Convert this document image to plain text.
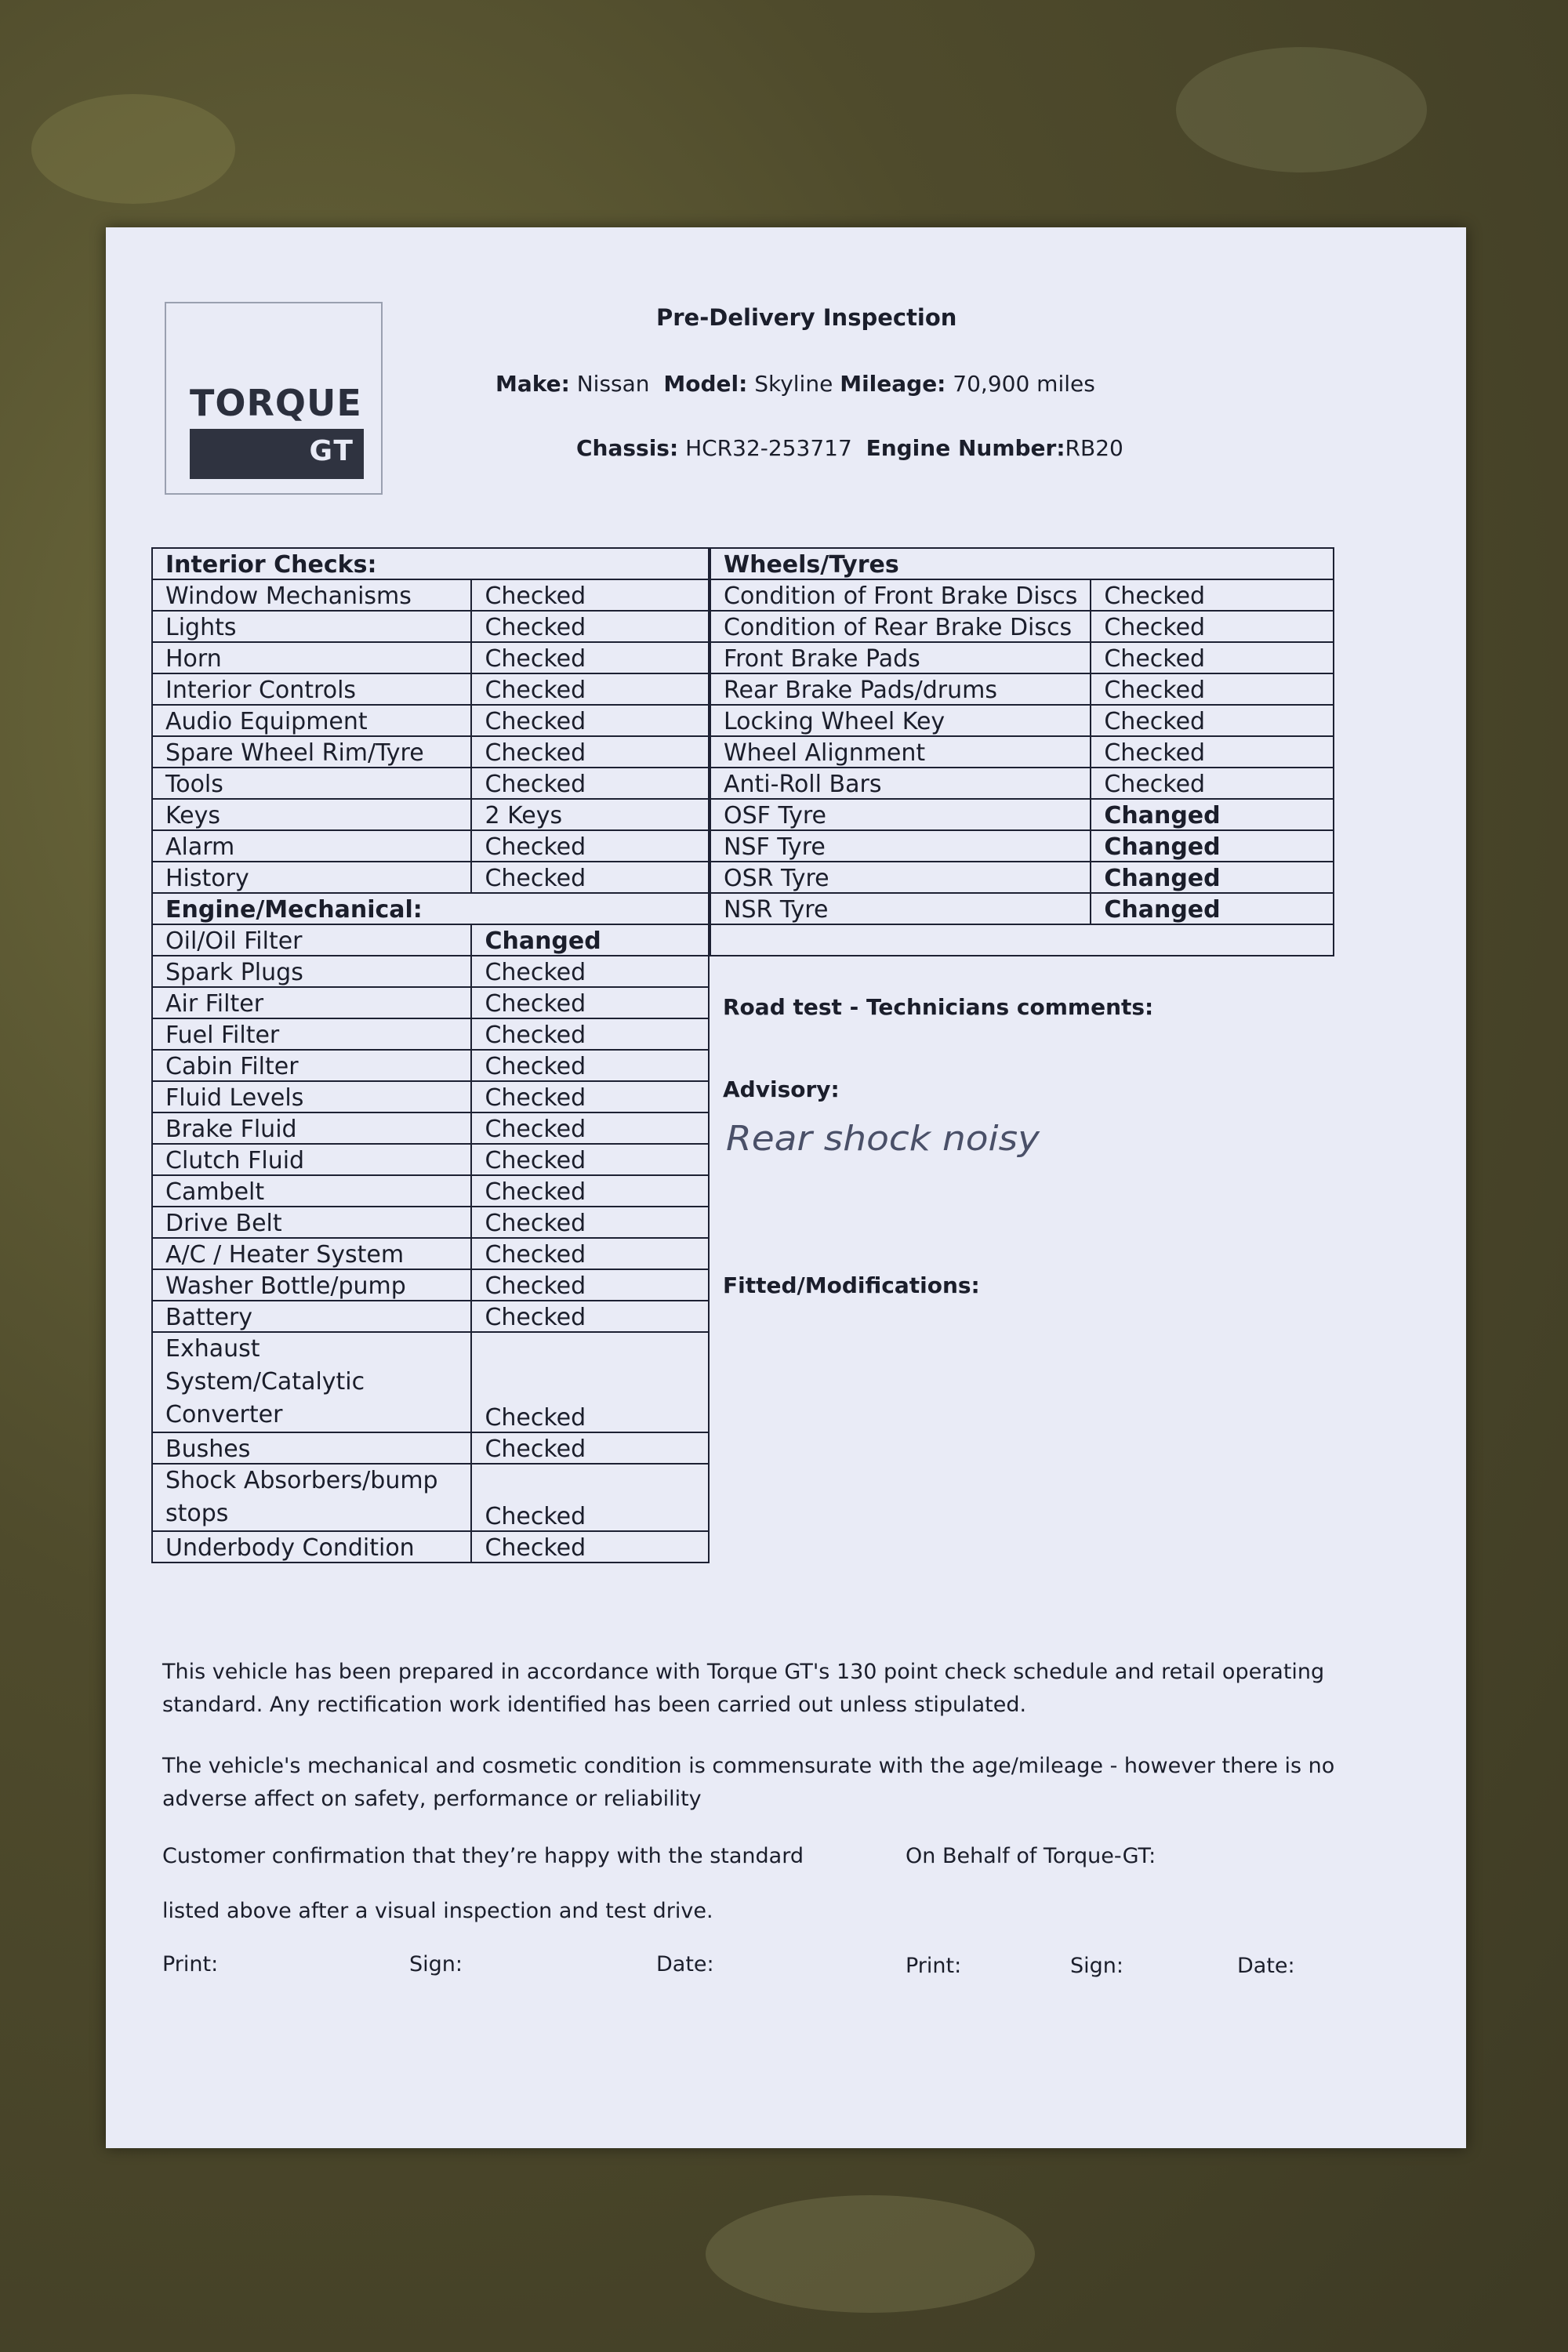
TORQUE
GT
Pre-Delivery Inspection
Make: Nissan Model: Skyline Mileage: 70,900 miles
Chassis: HCR32-253717 Engine Number:RB20
Interior Checks:	
Window Mechanisms	Checked
Lights	Checked
Horn	Checked
Interior Controls	Checked
Audio Equipment	Checked
Spare Wheel Rim/Tyre	Checked
Tools	Checked
Keys	2 Keys
Alarm	Checked
History	Checked
Engine/Mechanical:	
Oil/Oil Filter	Changed
Spark Plugs	Checked
Air Filter	Checked
Fuel Filter	Checked
Cabin Filter	Checked
Fluid Levels	Checked
Brake Fluid	Checked
Clutch Fluid	Checked
Cambelt	Checked
Drive Belt	Checked
A/C / Heater System	Checked
Washer Bottle/pump	Checked
Battery	Checked
Exhaust System/Catalytic Converter	Checked
Bushes	Checked
Shock Absorbers/bump stops	Checked
Underbody Condition	Checked
Wheels/Tyres	
Condition of Front Brake Discs	Checked
Condition of Rear Brake Discs	Checked
Front Brake Pads	Checked
Rear Brake Pads/drums	Checked
Locking Wheel Key	Checked
Wheel Alignment	Checked
Anti-Roll Bars	Checked
OSF Tyre	Changed
NSF Tyre	Changed
OSR Tyre	Changed
NSR Tyre	Changed

Road test - Technicians comments:
Advisory:
Rear shock noisy
Fitted/Modifications:
This vehicle has been prepared in accordance with Torque GT's 130 point check schedule and retail operating standard. Any rectification work identified has been carried out unless stipulated.
The vehicle's mechanical and cosmetic condition is commensurate with the age/mileage - however there is no adverse affect on safety, performance or reliability
Customer confirmation that they’re happy with the standard
listed above after a visual inspection and test drive.
On Behalf of Torque-GT:
Print:	Sign:	Date:	Print:	Sign:	Date:
